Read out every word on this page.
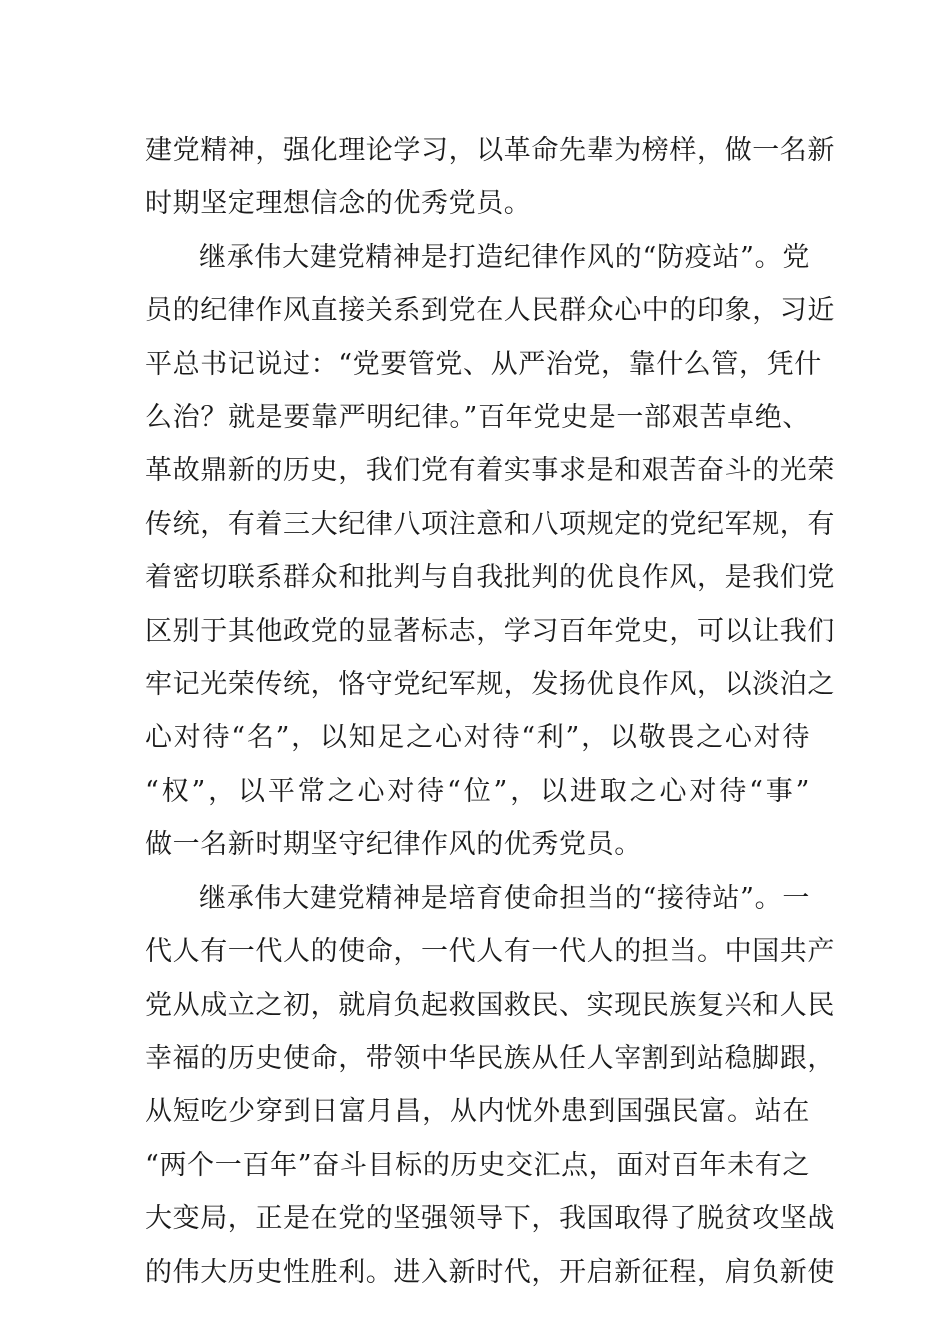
建党精神，强化理论学习，以革命先辈为榜样，做一名新
时期坚定理想信念的优秀党员。
继承伟大建党精神是打造纪律作风的“防疫站”。党
员的纪律作风直接关系到党在人民群众心中的印象，习近
平总书记说过：“党要管党、从严治党，靠什么管，凭什
么治？就是要靠严明纪律。”百年党史是一部艰苦卓绝、
革故鼎新的历史，我们党有着实事求是和艰苦奋斗的光荣
传统，有着三大纪律八项注意和八项规定的党纪军规，有
着密切联系群众和批判与自我批判的优良作风，是我们党
区别于其他政党的显著标志，学习百年党史，可以让我们
牢记光荣传统，恪守党纪军规，发扬优良作风，以淡泊之
心对待“名”，以知足之心对待“利”，以敬畏之心对待
“权”，以平常之心对待“位”，以进取之心对待“事”
做一名新时期坚守纪律作风的优秀党员。
继承伟大建党精神是培育使命担当的“接待站”。一
代人有一代人的使命，一代人有一代人的担当。中国共产
党从成立之初，就肩负起救国救民、实现民族复兴和人民
幸福的历史使命，带领中华民族从任人宰割到站稳脚跟，
从短吃少穿到日富月昌，从内忧外患到国强民富。站在
“两个一百年”奋斗目标的历史交汇点，面对百年未有之
大变局，正是在党的坚强领导下，我国取得了脱贫攻坚战
的伟大历史性胜利。进入新时代，开启新征程，肩负新使
